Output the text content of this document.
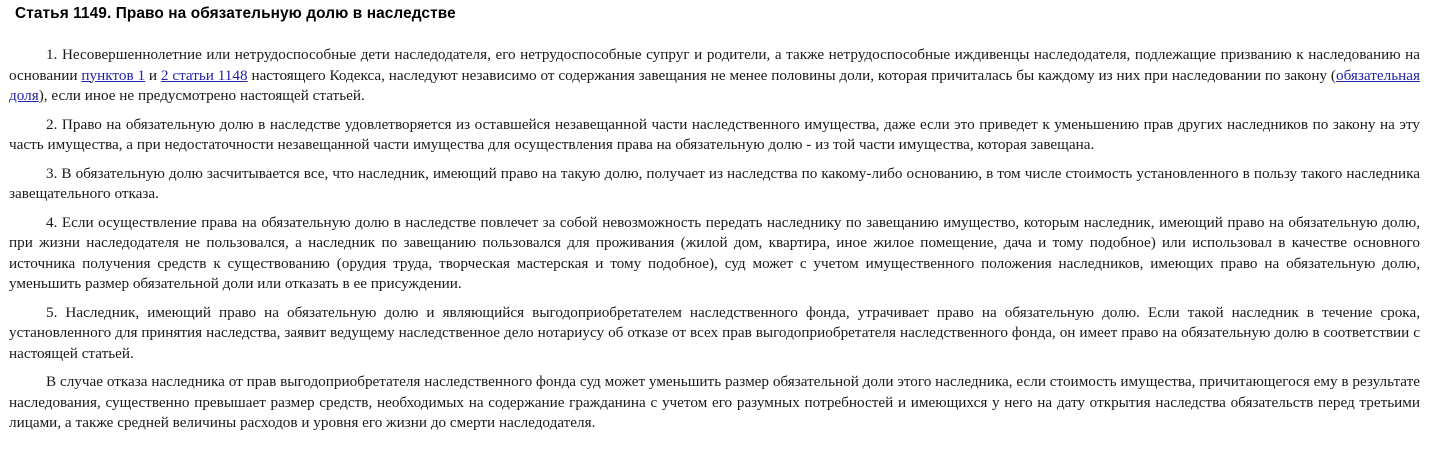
Статья 1149. Право на обязательную долю в наследстве

1. Несовершеннолетние или нетрудоспособные дети наследодателя, его нетрудоспособные супруг и родители, а также нетрудоспособные иждивенцы наследодателя, подлежащие призванию к наследованию на основании пунктов 1 и 2 статьи 1148 настоящего Кодекса, наследуют независимо от содержания завещания не менее половины доли, которая причиталась бы каждому из них при наследовании по закону (обязательная доля), если иное не предусмотрено настоящей статьей.

2. Право на обязательную долю в наследстве удовлетворяется из оставшейся незавещанной части наследственного имущества, даже если это приведет к уменьшению прав других наследников по закону на эту часть имущества, а при недостаточности незавещанной части имущества для осуществления права на обязательную долю - из той части имущества, которая завещана.

3. В обязательную долю засчитывается все, что наследник, имеющий право на такую долю, получает из наследства по какому-либо основанию, в том числе стоимость установленного в пользу такого наследника завещательного отказа.

4. Если осуществление права на обязательную долю в наследстве повлечет за собой невозможность передать наследнику по завещанию имущество, которым наследник, имеющий право на обязательную долю, при жизни наследодателя не пользовался, а наследник по завещанию пользовался для проживания (жилой дом, квартира, иное жилое помещение, дача и тому подобное) или использовал в качестве основного источника получения средств к существованию (орудия труда, творческая мастерская и тому подобное), суд может с учетом имущественного положения наследников, имеющих право на обязательную долю, уменьшить размер обязательной доли или отказать в ее присуждении.

5. Наследник, имеющий право на обязательную долю и являющийся выгодоприобретателем наследственного фонда, утрачивает право на обязательную долю. Если такой наследник в течение срока, установленного для принятия наследства, заявит ведущему наследственное дело нотариусу об отказе от всех прав выгодоприобретателя наследственного фонда, он имеет право на обязательную долю в соответствии с настоящей статьей.

В случае отказа наследника от прав выгодоприобретателя наследственного фонда суд может уменьшить размер обязательной доли этого наследника, если стоимость имущества, причитающегося ему в результате наследования, существенно превышает размер средств, необходимых на содержание гражданина с учетом его разумных потребностей и имеющихся у него на дату открытия наследства обязательств перед третьими лицами, а также средней величины расходов и уровня его жизни до смерти наследодателя.
